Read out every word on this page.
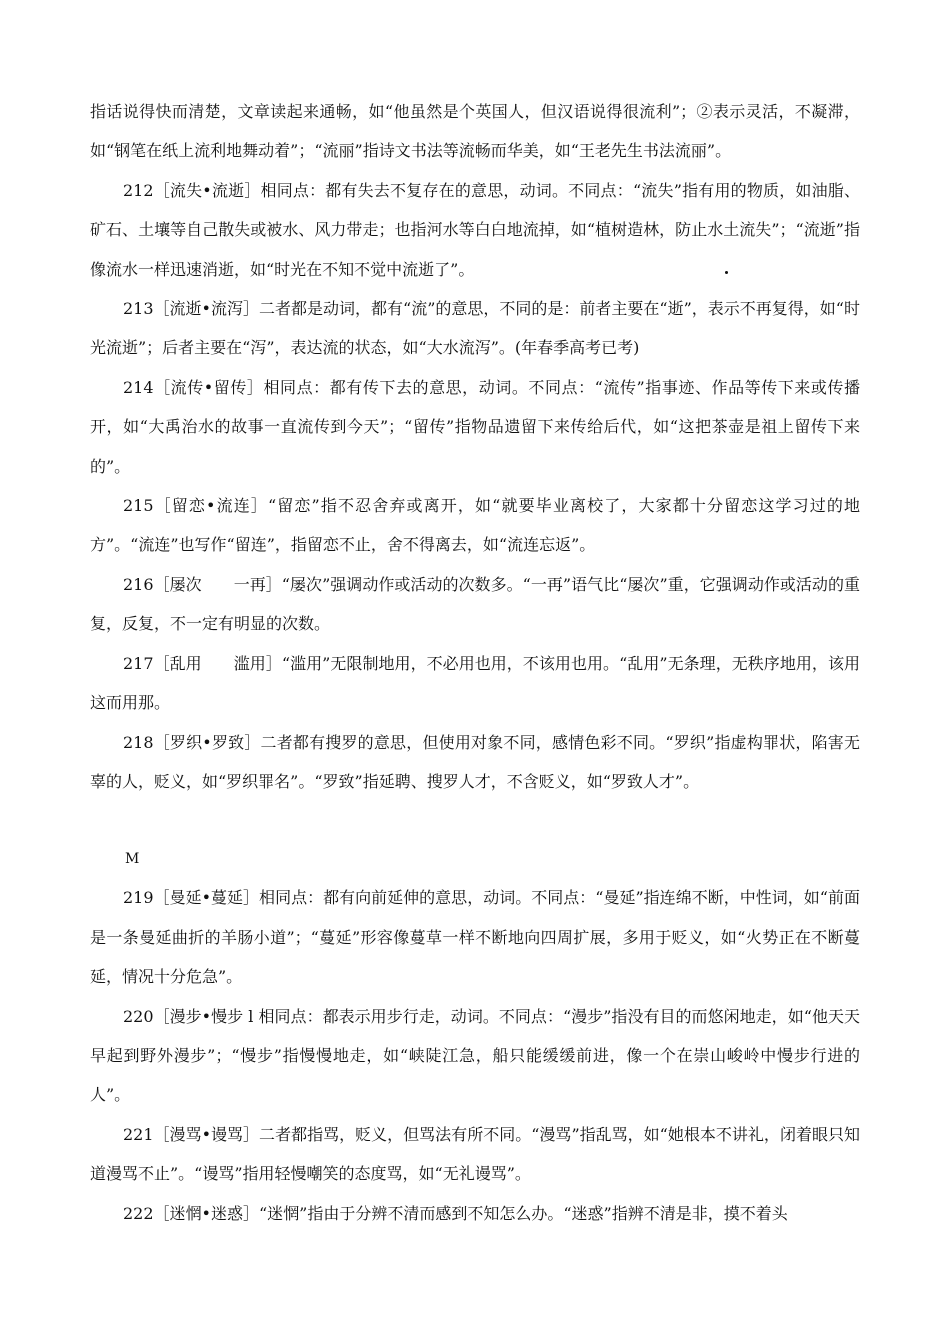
指话说得快而清楚，文章读起来通畅，如“他虽然是个英国人，但汉语说得很流利”；②表示灵活，不凝滞，如“钢笔在纸上流利地舞动着”；“流丽”指诗文书法等流畅而华美，如“王老先生书法流丽”。

212［流失•流逝］相同点：都有失去不复存在的意思，动词。不同点：“流失”指有用的物质，如油脂、矿石、土壤等自己散失或被水、风力带走；也指河水等白白地流掉，如“植树造林，防止水土流失”；“流逝”指像流水一样迅速消逝，如“时光在不知不觉中流逝了”。

213［流逝•流泻］二者都是动词，都有“流”的意思，不同的是：前者主要在“逝”，表示不再复得，如“时光流逝”；后者主要在“泻”，表达流的状态，如“大水流泻”。(年春季高考已考)

214［流传•留传］相同点：都有传下去的意思，动词。不同点：“流传”指事迹、作品等传下来或传播开，如“大禹治水的故事一直流传到今天”；“留传”指物品遗留下来传给后代，如“这把茶壶是祖上留传下来的”。

215［留恋•流连］“留恋”指不忍舍弃或离开，如“就要毕业离校了，大家都十分留恋这学习过的地方”。“流连”也写作“留连”，指留恋不止，舍不得离去，如“流连忘返”。

216［屡次　　一再］“屡次”强调动作或活动的次数多。“一再”语气比“屡次”重，它强调动作或活动的重复，反复，不一定有明显的次数。

217［乱用　　滥用］“滥用”无限制地用，不必用也用，不该用也用。“乱用”无条理，无秩序地用，该用这而用那。

218［罗织•罗致］二者都有搜罗的意思，但使用对象不同，感情色彩不同。“罗织”指虚构罪状，陷害无辜的人，贬义，如“罗织罪名”。“罗致”指延聘、搜罗人才，不含贬义，如“罗致人才”。

M

219［曼延•蔓延］相同点：都有向前延伸的意思，动词。不同点：“曼延”指连绵不断，中性词，如“前面是一条曼延曲折的羊肠小道”；“蔓延”形容像蔓草一样不断地向四周扩展，多用于贬义，如“火势正在不断蔓延，情况十分危急”。

220［漫步•慢步 l 相同点：都表示用步行走，动词。不同点：“漫步”指没有目的而悠闲地走，如“他天天早起到野外漫步”；“慢步”指慢慢地走，如“峡陡江急，船只能缓缓前进，像一个在崇山峻岭中慢步行进的人”。

221［漫骂•谩骂］二者都指骂，贬义，但骂法有所不同。“漫骂”指乱骂，如“她根本不讲礼，闭着眼只知道漫骂不止”。“谩骂”指用轻慢嘲笑的态度骂，如“无礼谩骂”。

222［迷惘•迷惑］“迷惘”指由于分辨不清而感到不知怎么办。“迷惑”指辨不清是非，摸不着头
